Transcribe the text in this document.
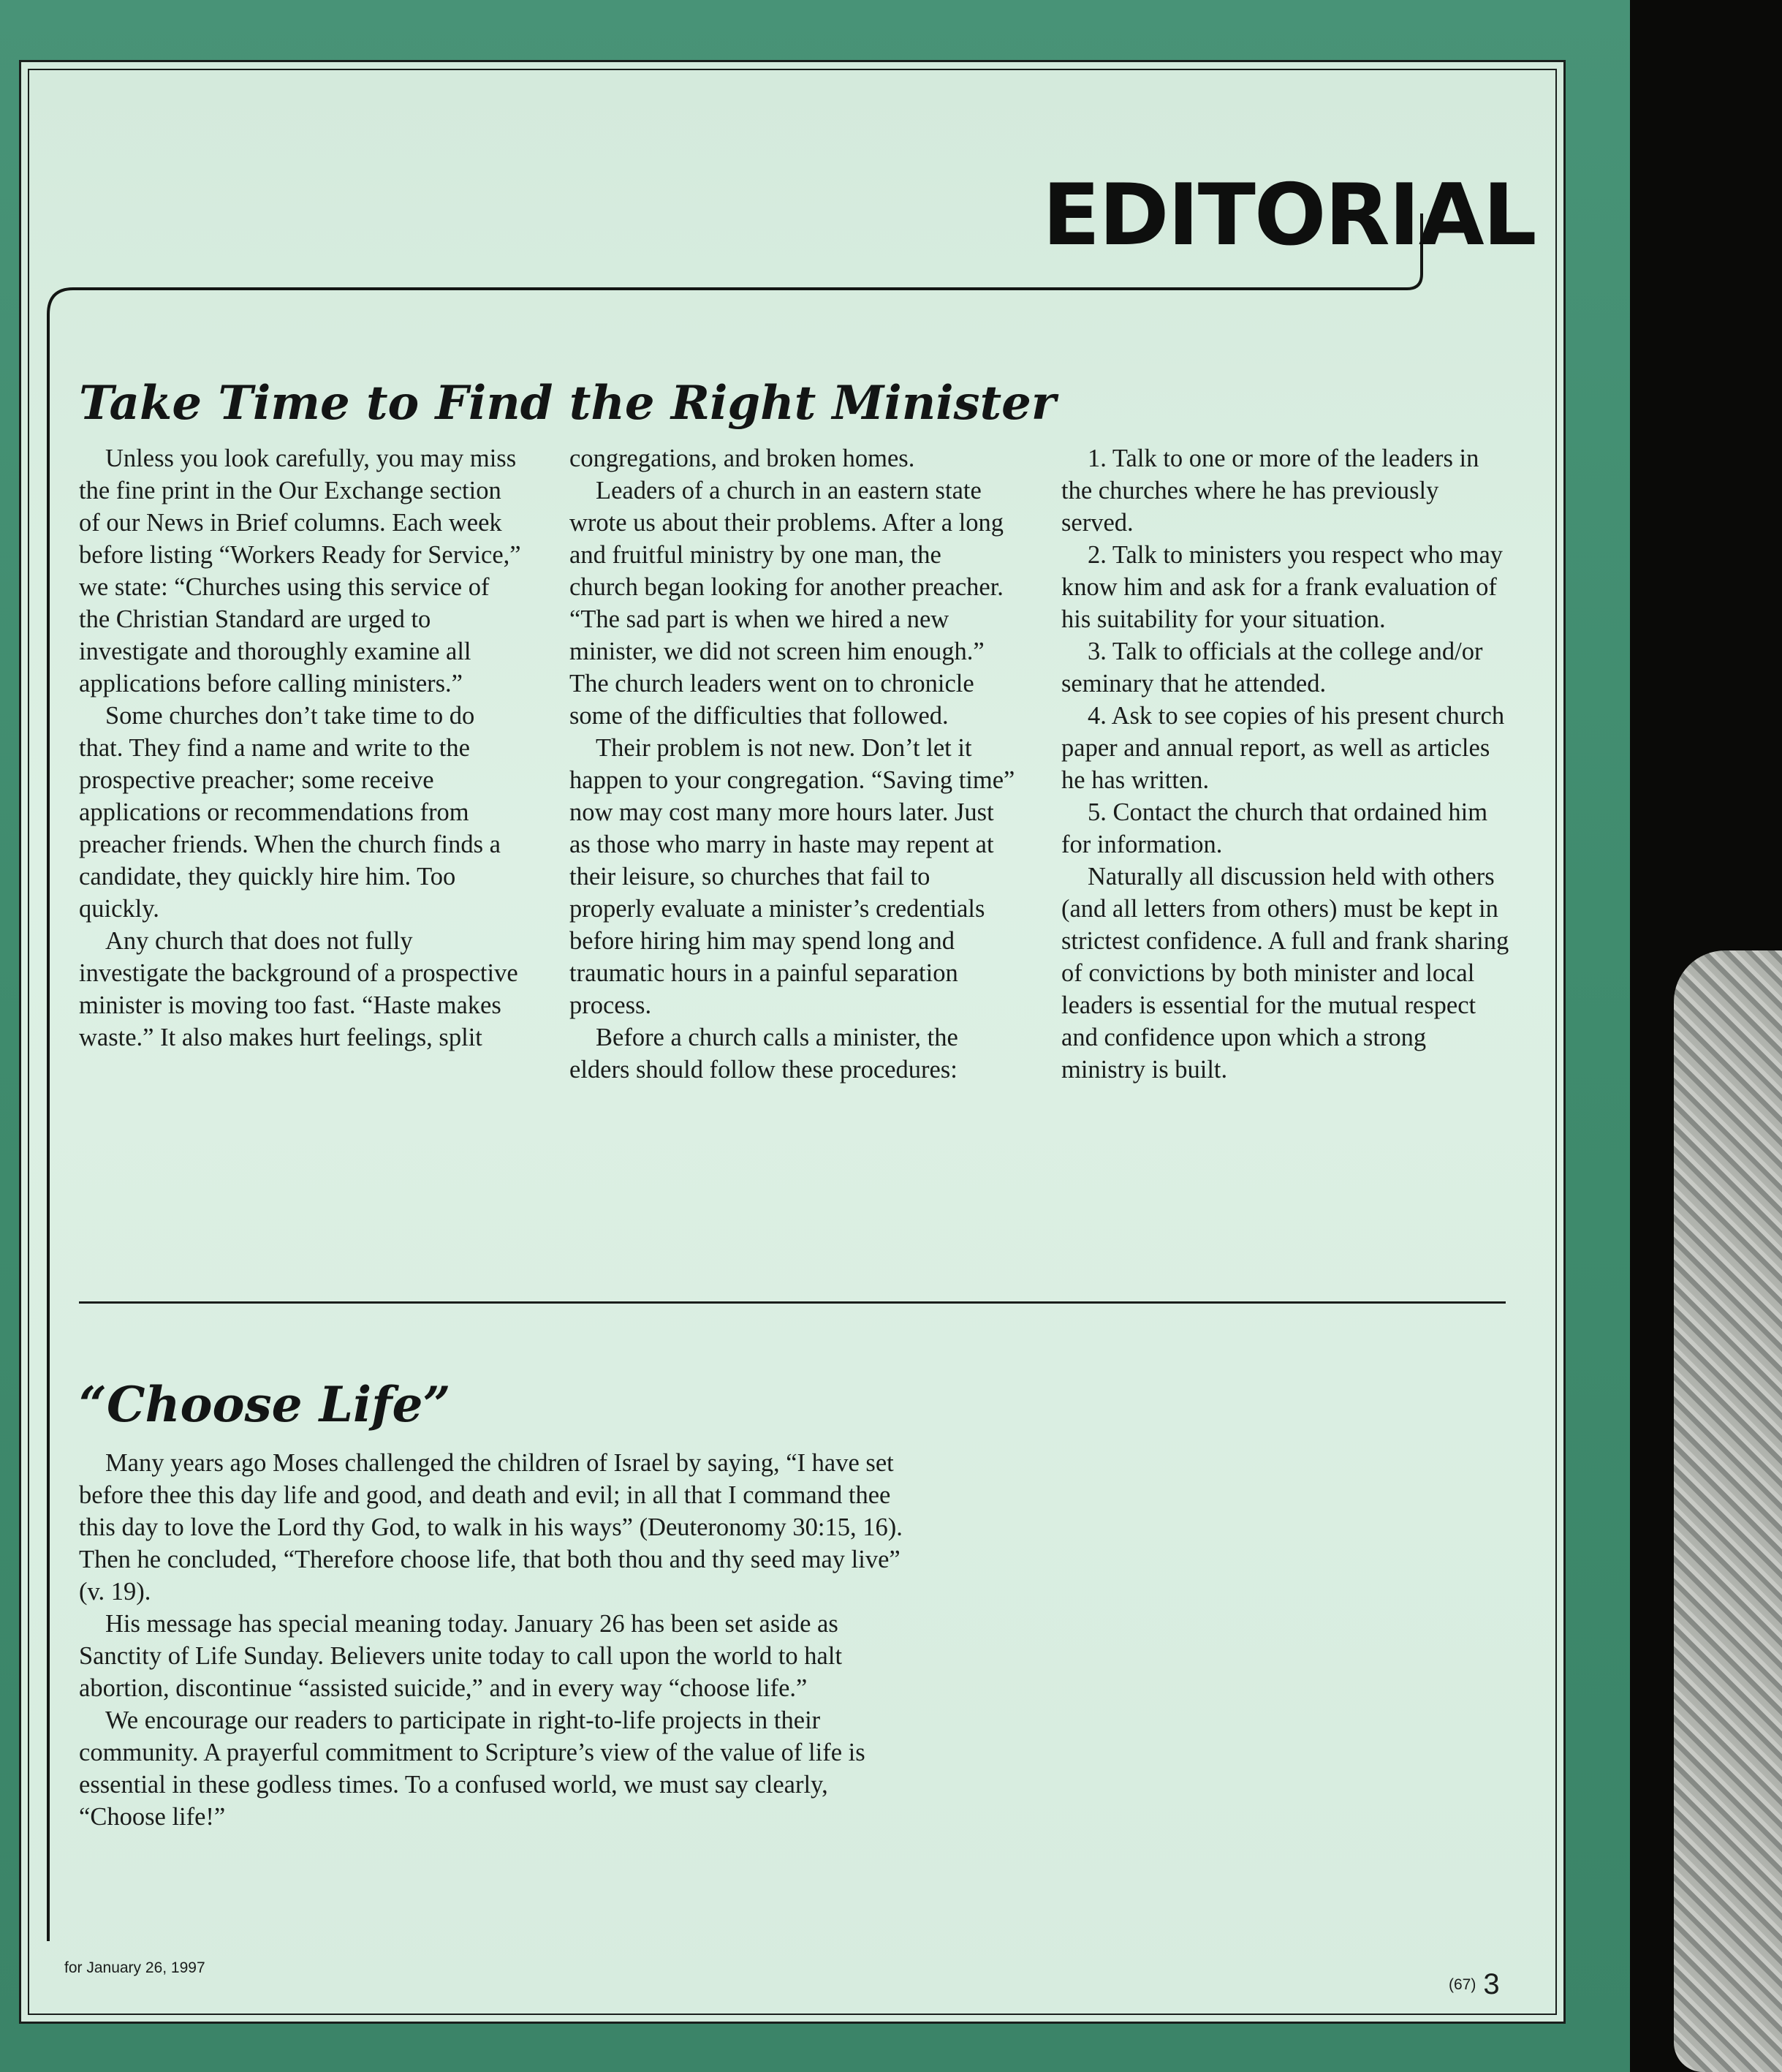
EDITORIAL
Take Time to Find the Right Minister

Unless you look carefully, you may miss the fine print in the Our Exchange section of our News in Brief columns. Each week before listing “Workers Ready for Service,” we state: “Churches using this service of the Christian Standard are urged to investigate and thoroughly examine all applications before calling ministers.”

Some churches don’t take time to do that. They find a name and write to the prospective preacher; some receive applications or recommendations from preacher friends. When the church finds a candidate, they quickly hire him. Too quickly.

Any church that does not fully investigate the background of a prospective minister is moving too fast. “Haste makes waste.” It also makes hurt feelings, split

congregations, and broken homes.

Leaders of a church in an eastern state wrote us about their problems. After a long and fruitful ministry by one man, the church began looking for another preacher. “The sad part is when we hired a new minister, we did not screen him enough.” The church leaders went on to chronicle some of the difficulties that followed.

Their problem is not new. Don’t let it happen to your congregation. “Saving time” now may cost many more hours later. Just as those who marry in haste may repent at their leisure, so churches that fail to properly evaluate a minister’s credentials before hiring him may spend long and traumatic hours in a painful separation process.

Before a church calls a minister, the elders should follow these procedures:

1. Talk to one or more of the leaders in the churches where he has previously served.

2. Talk to ministers you respect who may know him and ask for a frank evaluation of his suitability for your situation.

3. Talk to officials at the college and/or seminary that he attended.

4. Ask to see copies of his present church paper and annual report, as well as articles he has written.

5. Contact the church that ordained him for information.

Naturally all discussion held with others (and all letters from others) must be kept in strictest confidence. A full and frank sharing of convictions by both minister and local leaders is essential for the mutual respect and confidence upon which a strong ministry is built.

“Choose Life”

Many years ago Moses challenged the children of Israel by saying, “I have set before thee this day life and good, and death and evil; in all that I command thee this day to love the Lord thy God, to walk in his ways” (Deuteronomy 30:15, 16). Then he concluded, “Therefore choose life, that both thou and thy seed may live” (v. 19).

His message has special meaning today. January 26 has been set aside as Sanctity of Life Sunday. Believers unite today to call upon the world to halt abortion, discontinue “assisted suicide,” and in every way “choose life.”

We encourage our readers to participate in right-to-life projects in their community. A prayerful commitment to Scripture’s view of the value of life is essential in these godless times. To a confused world, we must say clearly, “Choose life!”

for January 26, 1997
(67) 3
